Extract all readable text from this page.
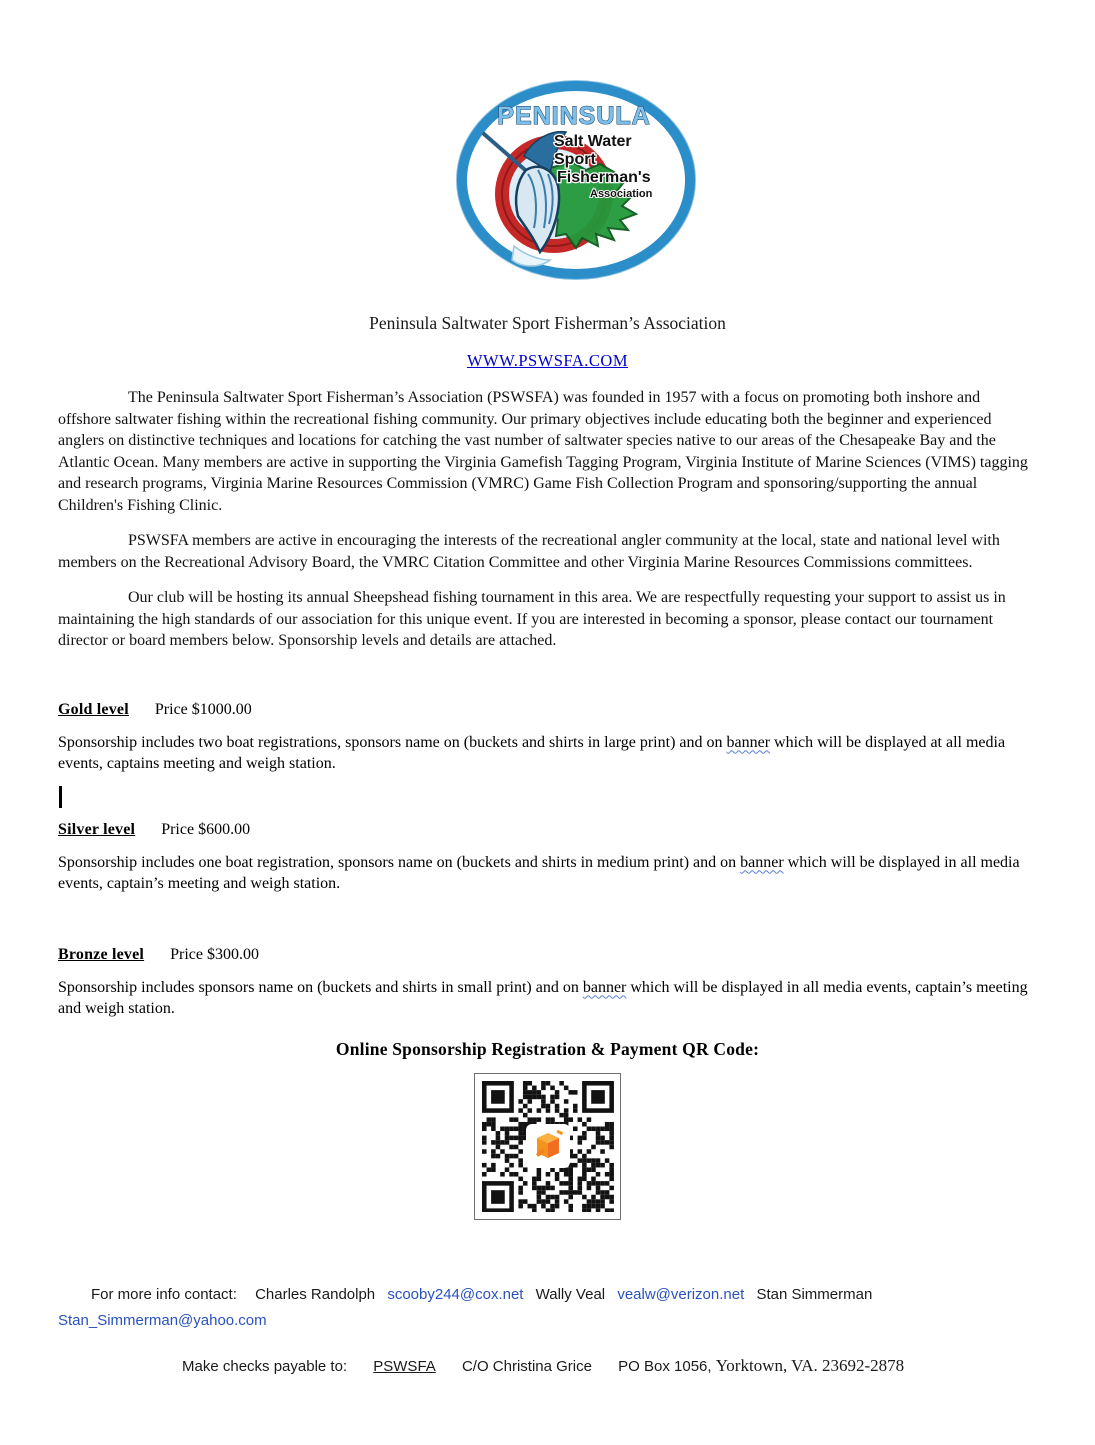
PENINSULA
Salt Water
Sport
Fisherman's
Association
Peninsula Saltwater Sport Fisherman’s Association
WWW.PSWSFA.COM

The Peninsula Saltwater Sport Fisherman’s Association (PSWSFA) was founded in 1957 with a focus on promoting both inshore and offshore saltwater fishing within the recreational fishing community. Our primary objectives include educating both the beginner and experienced anglers on distinctive techniques and locations for catching the vast number of saltwater species native to our areas of the Chesapeake Bay and the Atlantic Ocean. Many members are active in supporting the Virginia Gamefish Tagging Program, Virginia Institute of Marine Sciences (VIMS) tagging and research programs, Virginia Marine Resources Commission (VMRC) Game Fish Collection Program and sponsoring/supporting the annual Children's Fishing Clinic.

PSWSFA members are active in encouraging the interests of the recreational angler community at the local, state and national level with members on the Recreational Advisory Board, the VMRC Citation Committee and other Virginia Marine Resources Commissions committees.

Our club will be hosting its annual Sheepshead fishing tournament in this area. We are respectfully requesting your support to assist us in maintaining the high standards of our association for this unique event. If you are interested in becoming a sponsor, please contact our tournament director or board members below. Sponsorship levels and details are attached.

Gold level Price $1000.00
Sponsorship includes two boat registrations, sponsors name on (buckets and shirts in large print) and on banner which will be displayed at all media events, captains meeting and weigh station.
Silver level Price $600.00
Sponsorship includes one boat registration, sponsors name on (buckets and shirts in medium print) and on banner which will be displayed in all media events, captain’s meeting and weigh station.
Bronze level Price $300.00
Sponsorship includes sponsors name on (buckets and shirts in small print) and on banner which will be displayed in all media events, captain’s meeting and weigh station.
Online Sponsorship Registration & Payment QR Code:
For more info contact: Charles Randolph scooby244@cox.net Wally Veal vealw@verizon.net Stan Simmerman
Stan_Simmerman@yahoo.com
Make checks payable to: PSWSFA C/O Christina Grice PO Box 1056, Yorktown, VA. 23692-2878
